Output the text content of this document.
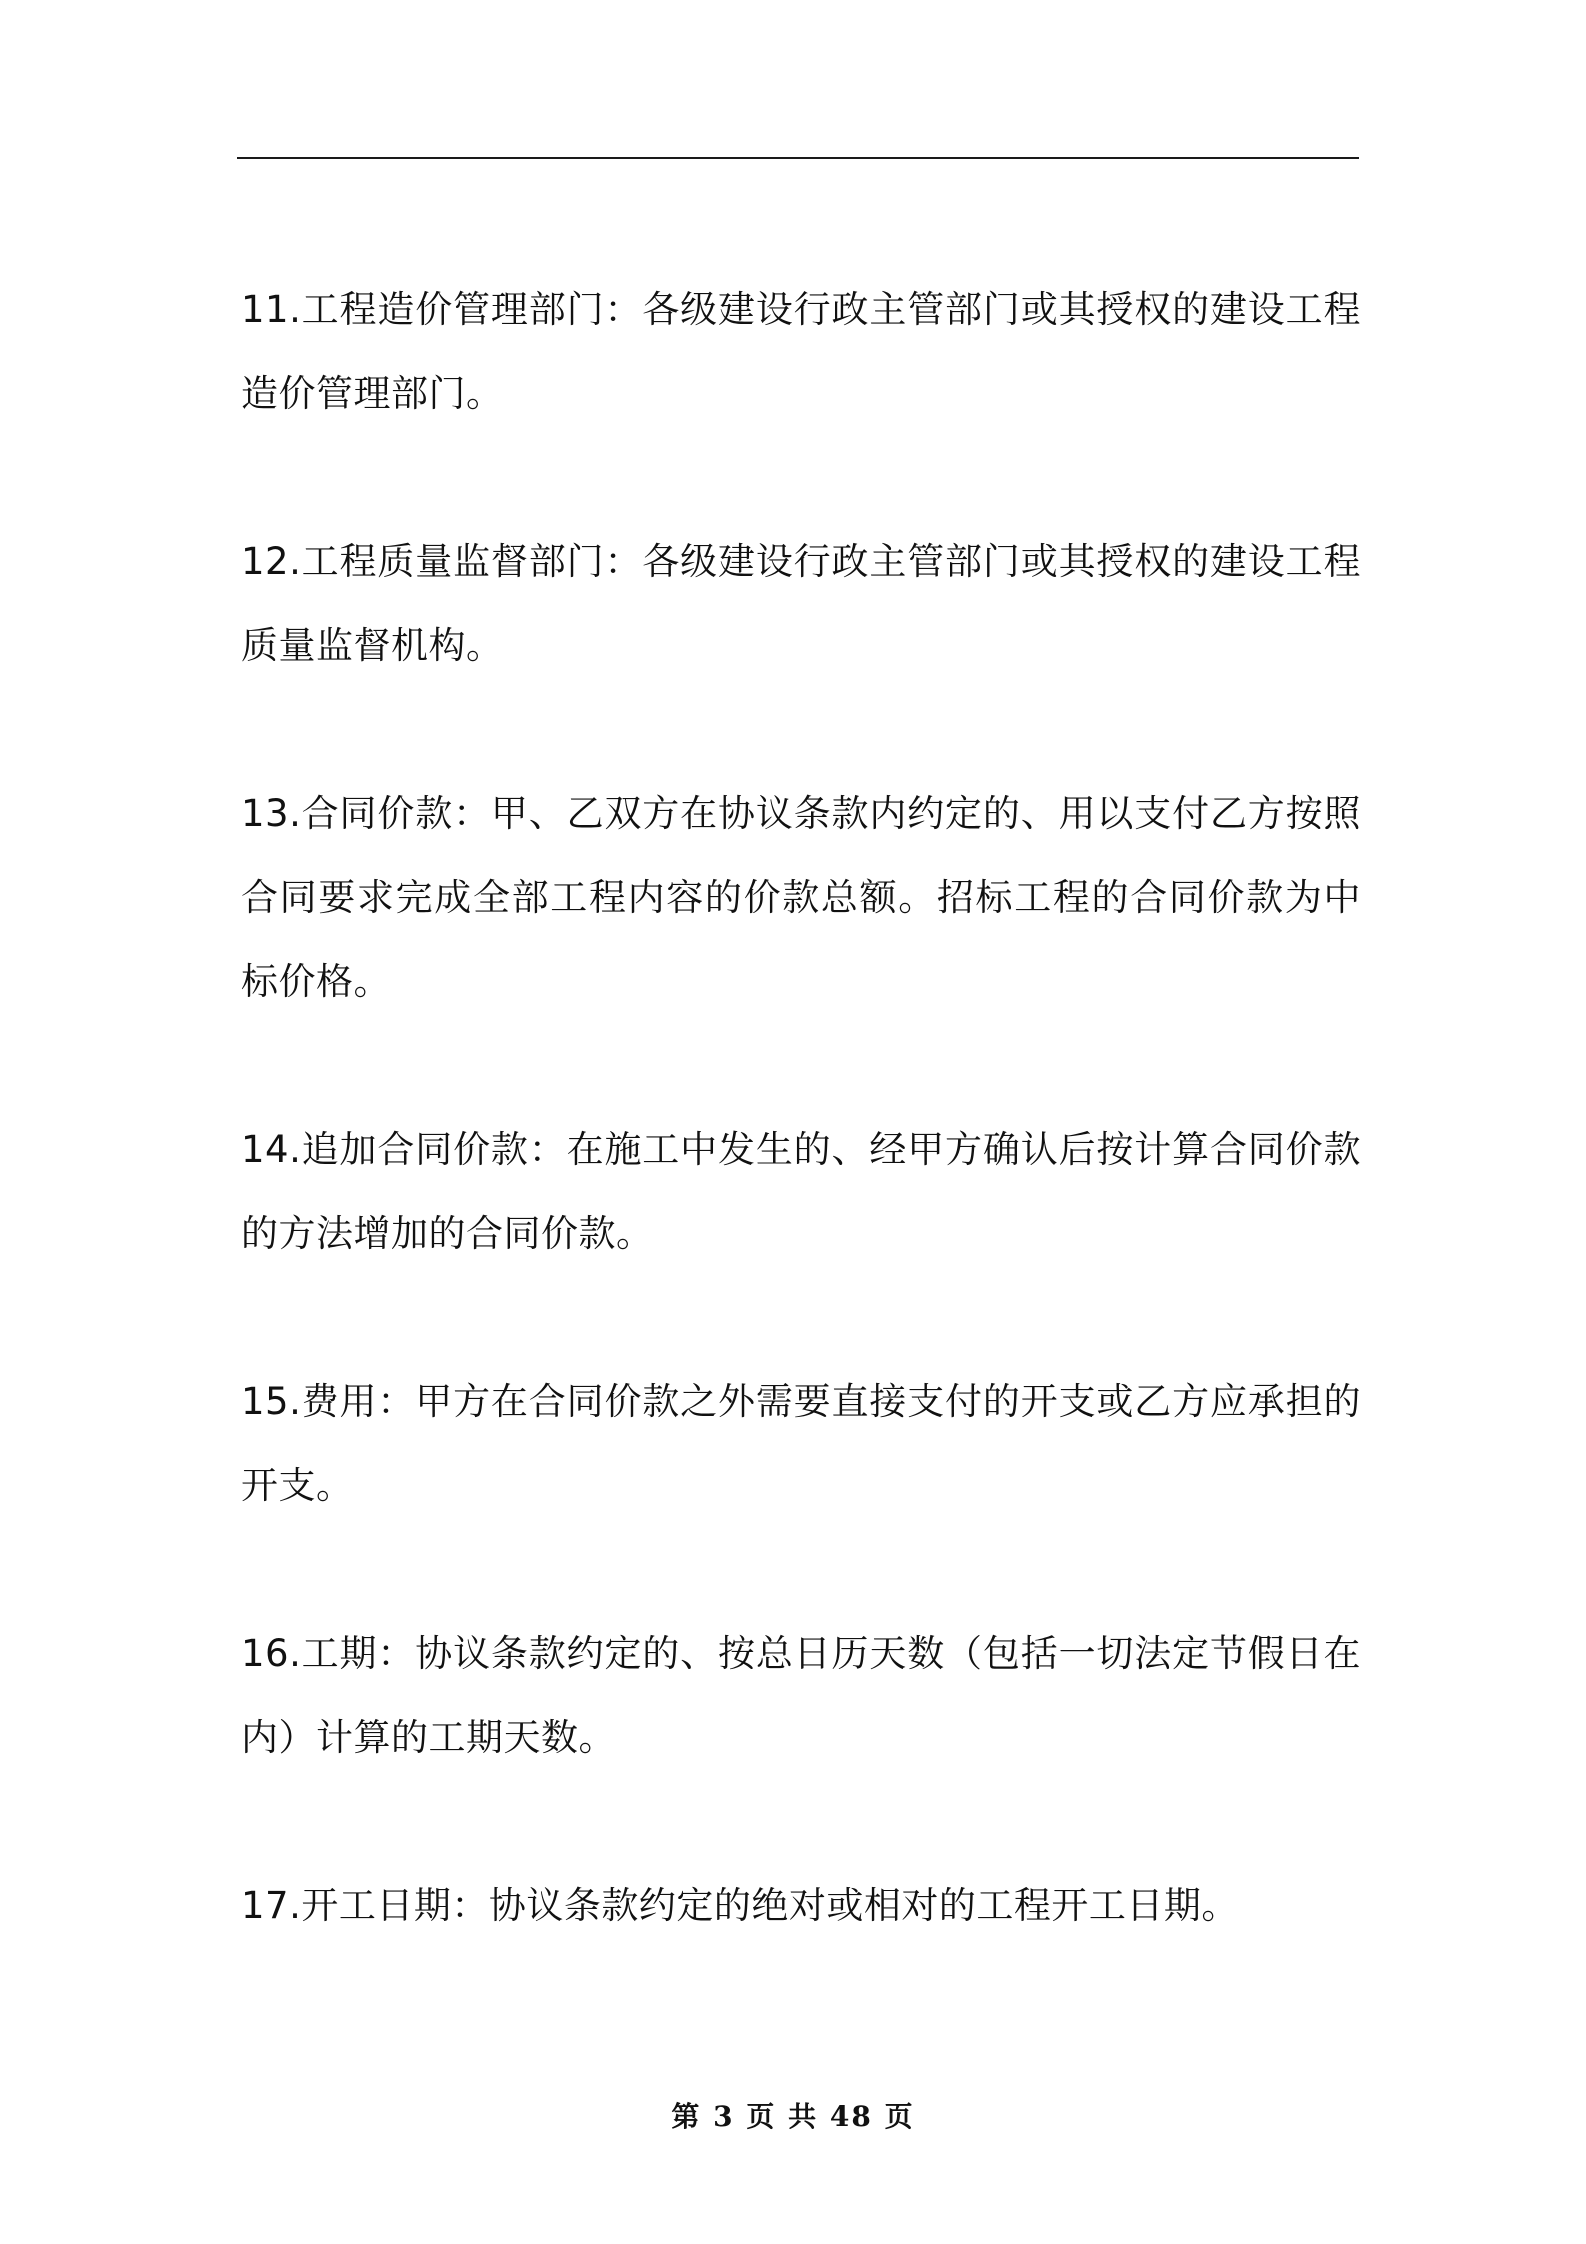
11.工程造价管理部门：各级建设行政主管部门或其授权的建设工程造价管理部门。

12.工程质量监督部门：各级建设行政主管部门或其授权的建设工程质量监督机构。

13.合同价款：甲、乙双方在协议条款内约定的、用以支付乙方按照合同要求完成全部工程内容的价款总额。招标工程的合同价款为中标价格。

14.追加合同价款：在施工中发生的、经甲方确认后按计算合同价款的方法增加的合同价款。

15.费用：甲方在合同价款之外需要直接支付的开支或乙方应承担的开支。

16.工期：协议条款约定的、按总日历天数（包括一切法定节假日在内）计算的工期天数。

17.开工日期：协议条款约定的绝对或相对的工程开工日期。

第 3 页 共 48 页
